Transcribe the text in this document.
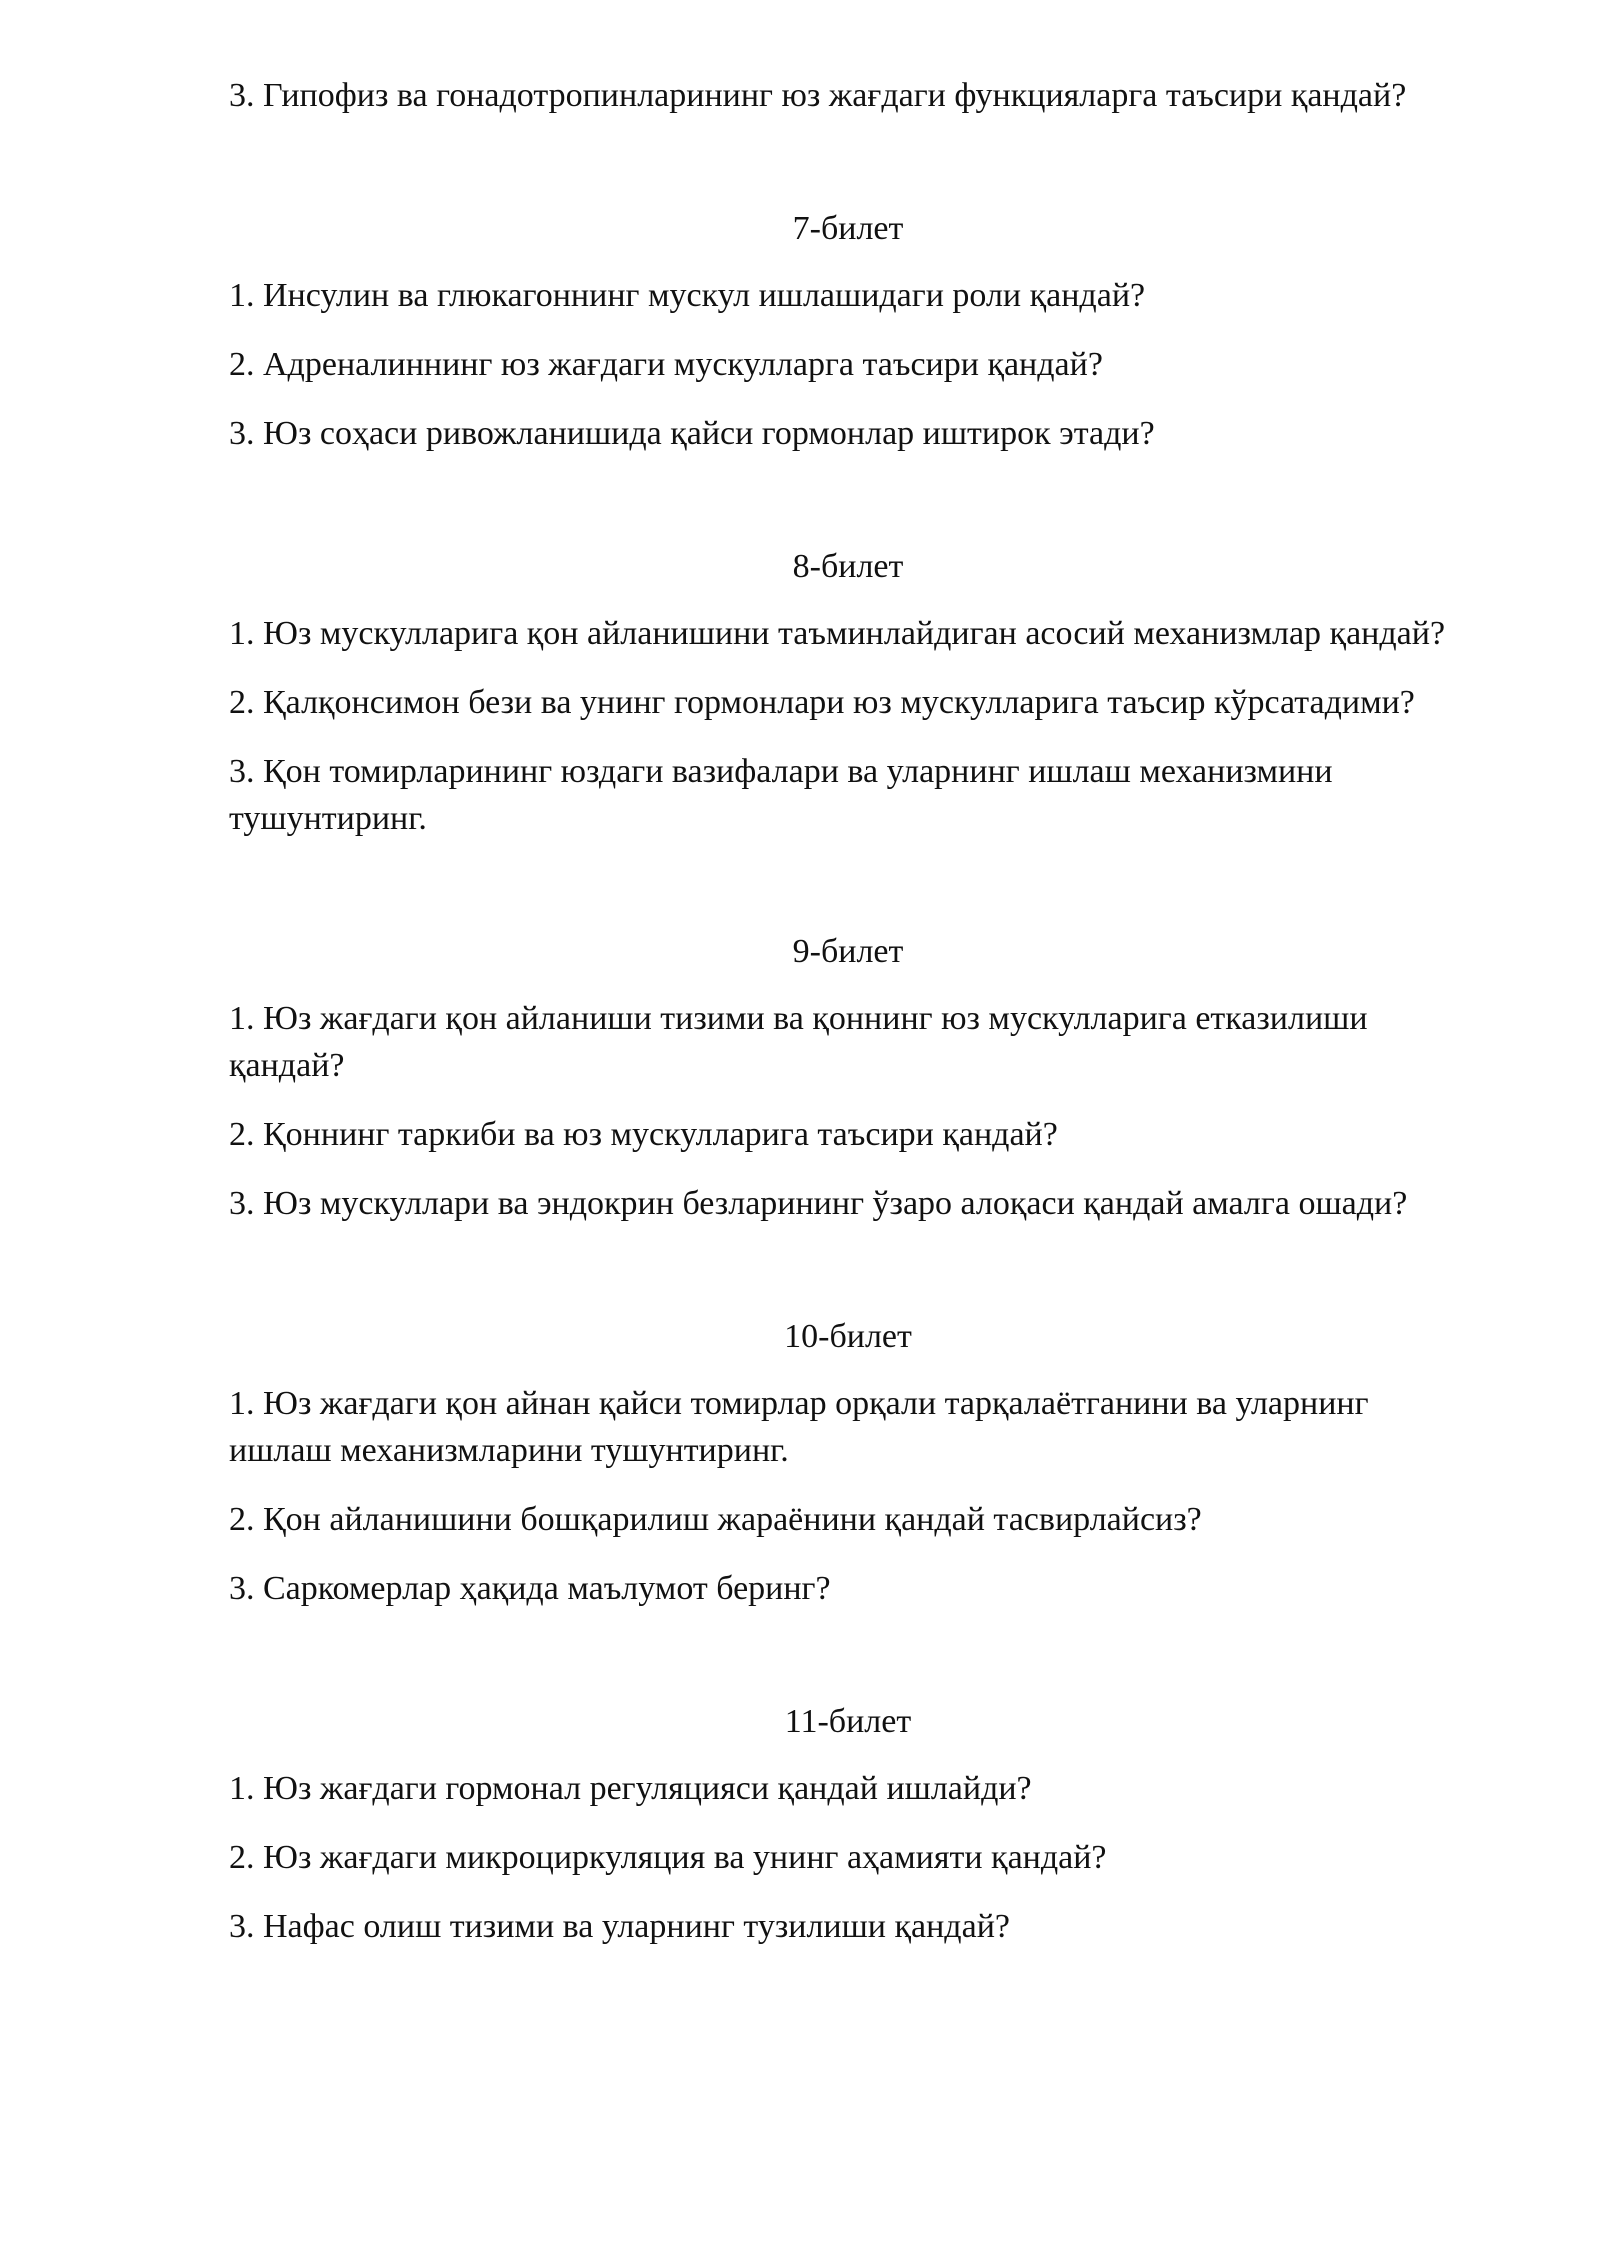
3. Гипофиз ва гонадотропинларининг юз жағдаги функцияларга таъсири қандай?

7-билет

1. Инсулин ва глюкагоннинг мускул ишлашидаги роли қандай?

2. Адреналиннинг юз жағдаги мускулларга таъсири қандай?

3. Юз соҳаси ривожланишида қайси гормонлар иштирок этади?

8-билет

1. Юз мускулларига қон айланишини таъминлайдиган асосий механизмлар қандай?

2. Қалқонсимон бези ва унинг гормонлари юз мускулларига таъсир кўрсатадими?

3. Қон томирларининг юздаги вазифалари ва уларнинг ишлаш механизмини тушунтиринг.

9-билет

1. Юз жағдаги қон айланиши тизими ва қоннинг юз мускулларига етказилиши қандай?

2. Қоннинг таркиби ва юз мускулларига таъсири қандай?

3. Юз мускуллари ва эндокрин безларининг ўзаро алоқаси қандай амалга ошади?

10-билет

1. Юз жағдаги қон айнан қайси томирлар орқали тарқалаётганини ва уларнинг ишлаш механизмларини тушунтиринг.

2. Қон айланишини бошқарилиш жараёнини қандай тасвирлайсиз?

3. Саркомерлар ҳақида маълумот беринг?

11-билет

1. Юз жағдаги гормонал регуляцияси қандай ишлайди?

2. Юз жағдаги микроциркуляция ва унинг аҳамияти қандай?

3. Нафас олиш тизими ва уларнинг тузилиши қандай?
